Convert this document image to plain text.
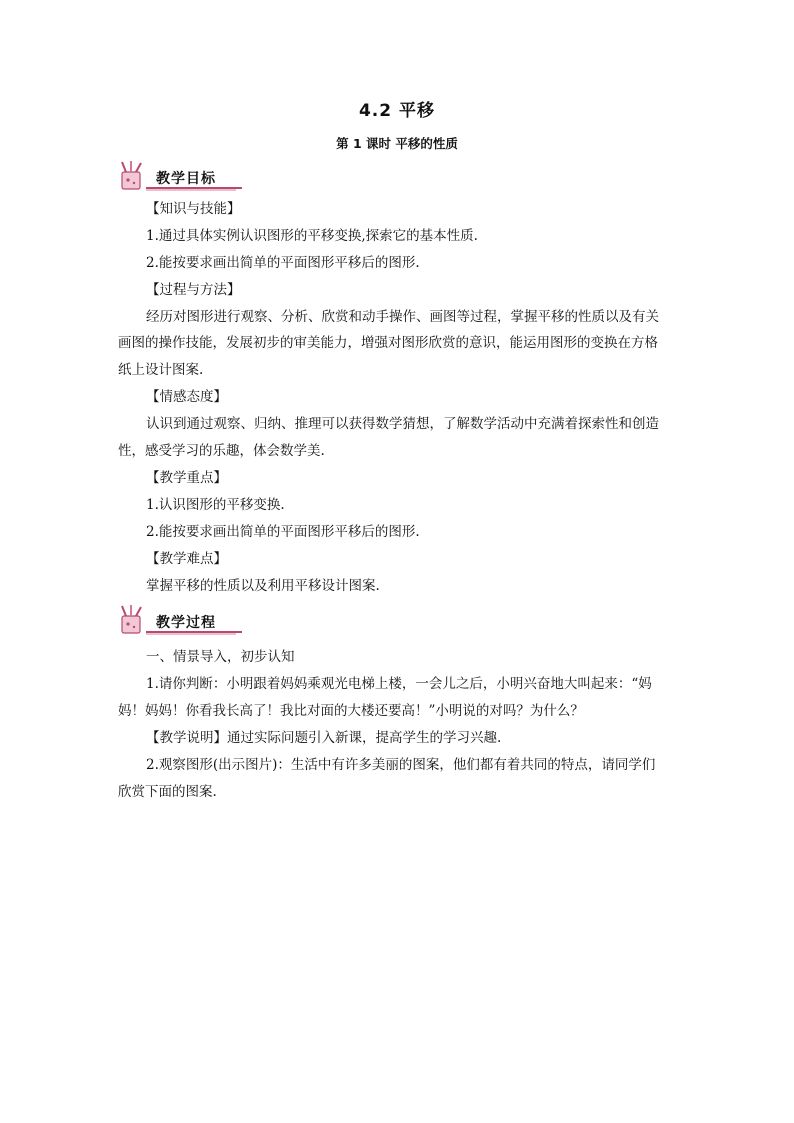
4.2 平移
第 1 课时 平移的性质
教学目标
【知识与技能】
1.通过具体实例认识图形的平移变换,探索它的基本性质.
2.能按要求画出简单的平面图形平移后的图形.
【过程与方法】
经历对图形进行观察、分析、欣赏和动手操作、画图等过程，掌握平移的性质以及有关
画图的操作技能，发展初步的审美能力，增强对图形欣赏的意识，能运用图形的变换在方格
纸上设计图案.
【情感态度】
认识到通过观察、归纳、推理可以获得数学猜想，了解数学活动中充满着探索性和创造
性，感受学习的乐趣，体会数学美.
【教学重点】
1.认识图形的平移变换.
2.能按要求画出简单的平面图形平移后的图形.
【教学难点】
掌握平移的性质以及利用平移设计图案.
教学过程
一、情景导入，初步认知
1.请你判断：小明跟着妈妈乘观光电梯上楼，一会儿之后，小明兴奋地大叫起来：“妈
妈！妈妈！你看我长高了！我比对面的大楼还要高！”小明说的对吗？为什么？
【教学说明】通过实际问题引入新课，提高学生的学习兴趣.
2.观察图形(出示图片)：生活中有许多美丽的图案，他们都有着共同的特点，请同学们
欣赏下面的图案.
